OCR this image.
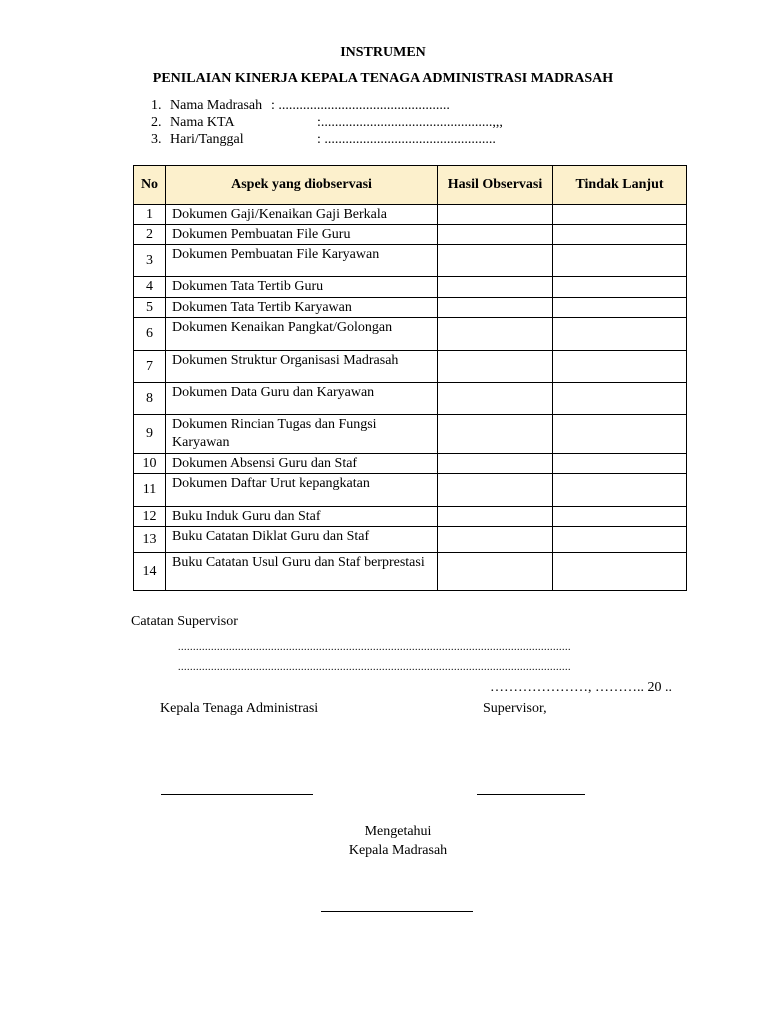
INSTRUMEN
PENILAIAN KINERJA KEPALA TENAGA ADMINISTRASI MADRASAH
1. Nama Madrasah : .................................................
2. Nama KTA	:.................................................,,,
3. Hari/Tanggal	: .................................................
No	Aspek yang diobservasi	Hasil Observasi	Tindak Lanjut
1	Dokumen Gaji/Kenaikan Gaji Berkala		
2	Dokumen Pembuatan File Guru		
3	Dokumen Pembuatan File Karyawan		
4	Dokumen Tata Tertib Guru		
5	Dokumen Tata Tertib Karyawan		
6	Dokumen Kenaikan Pangkat/Golongan		
7	Dokumen Struktur Organisasi Madrasah		
8	Dokumen Data Guru dan Karyawan		
9	Dokumen Rincian Tugas dan Fungsi Karyawan		
10	Dokumen Absensi Guru dan Staf		
11	Dokumen Daftar Urut kepangkatan		
12	Buku Induk Guru dan Staf		
13	Buku Catatan Diklat Guru dan Staf		
14	Buku Catatan Usul Guru dan Staf berprestasi		
Catatan Supervisor
...................................................................................................................................
...................................................................................................................................
…………………, ……….. 20 ..
Kepala Tenaga Administrasi	Supervisor,
Mengetahui
Kepala Madrasah
